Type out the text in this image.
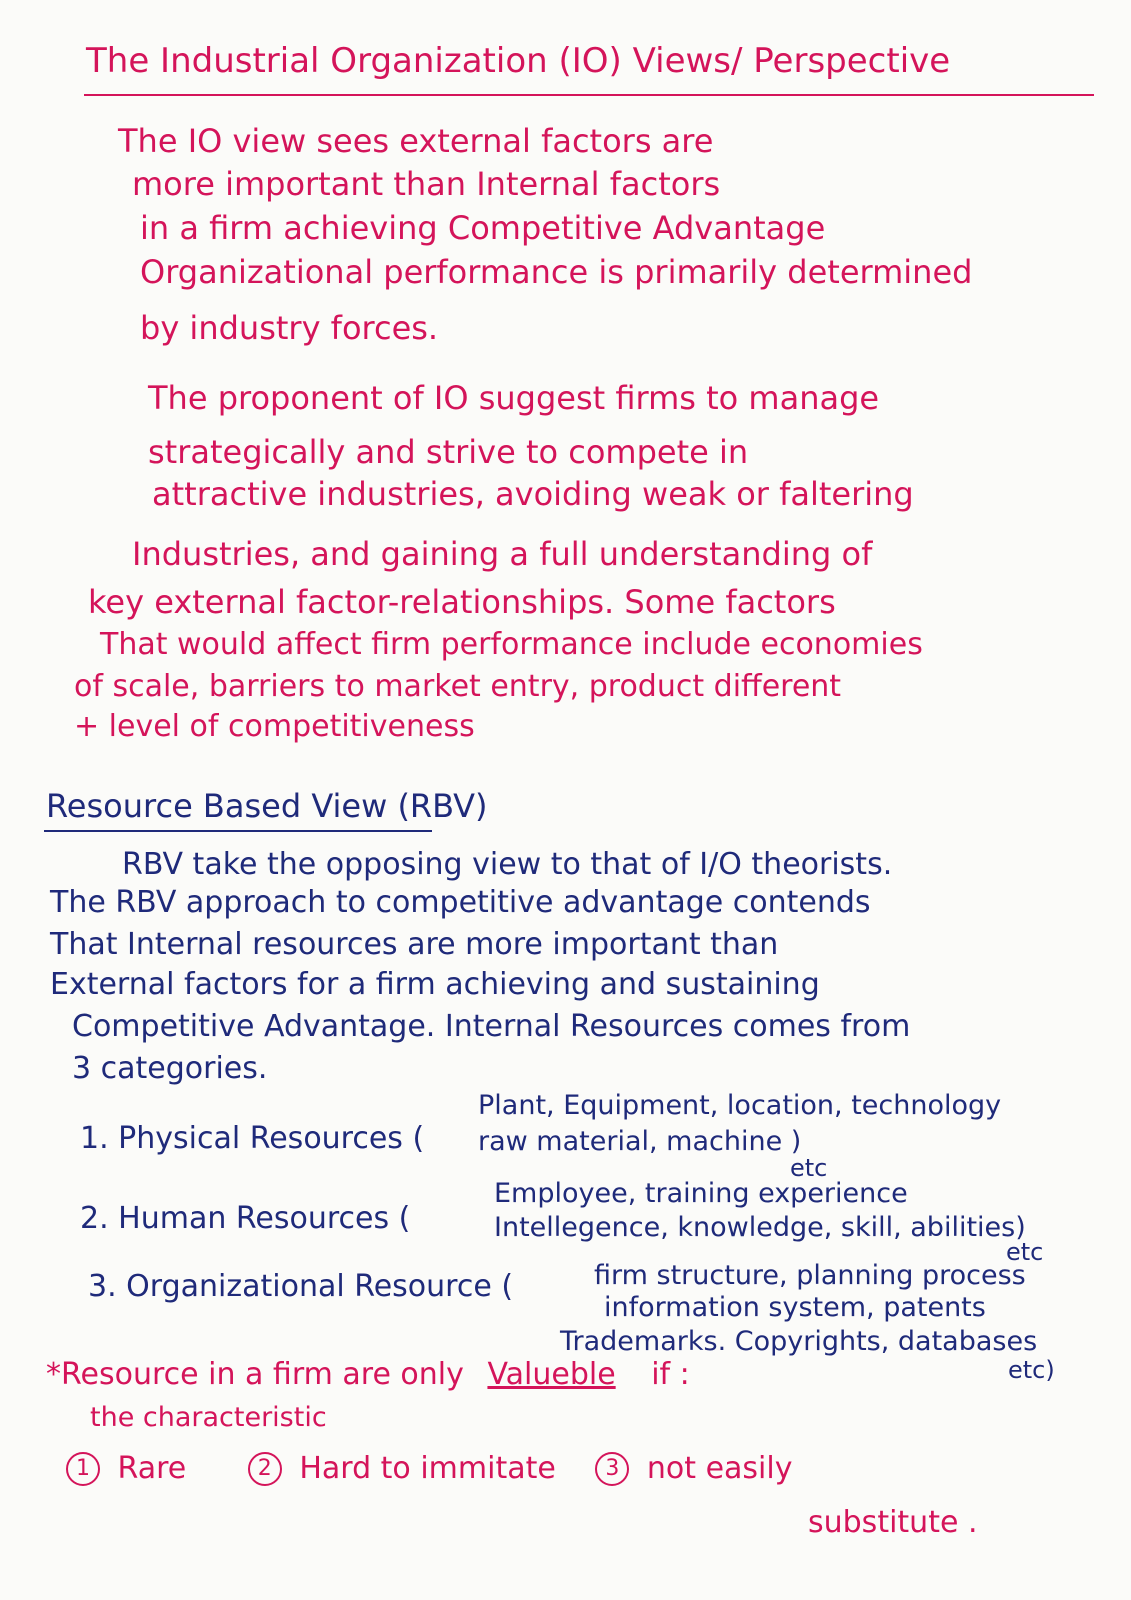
The Industrial Organization (IO) Views/ Perspective

The IO view sees external factors are

more important than Internal factors

in a firm achieving Competitive Advantage

Organizational performance is primarily determined

by industry forces.

The proponent of IO suggest firms to manage

strategically and strive to compete in

attractive industries, avoiding weak or faltering

Industries, and gaining a full understanding of

key external factor-relationships. Some factors

That would affect firm performance include economies

of scale, barriers to market entry, product different

+ level of competitiveness

Resource Based View (RBV)

RBV take the opposing view to that of I/O theorists.

The RBV approach to competitive advantage contends

That Internal resources are more important than

External factors for a firm achieving and sustaining

Competitive Advantage. Internal Resources comes from

3 categories.

1. Physical Resources (

Plant, Equipment, location, technology

raw material, machine )

etc

2. Human Resources (

Employee, training experience

Intellegence, knowledge, skill, abilities)

etc

3. Organizational Resource (	firm structure, planning process

information system, patents

Trademarks. Copyrights, databases

etc)

*Resource in a firm are only Valueble if :

the characteristic

1 Rare	2 Hard to immitate 3 not easily

substitute .
